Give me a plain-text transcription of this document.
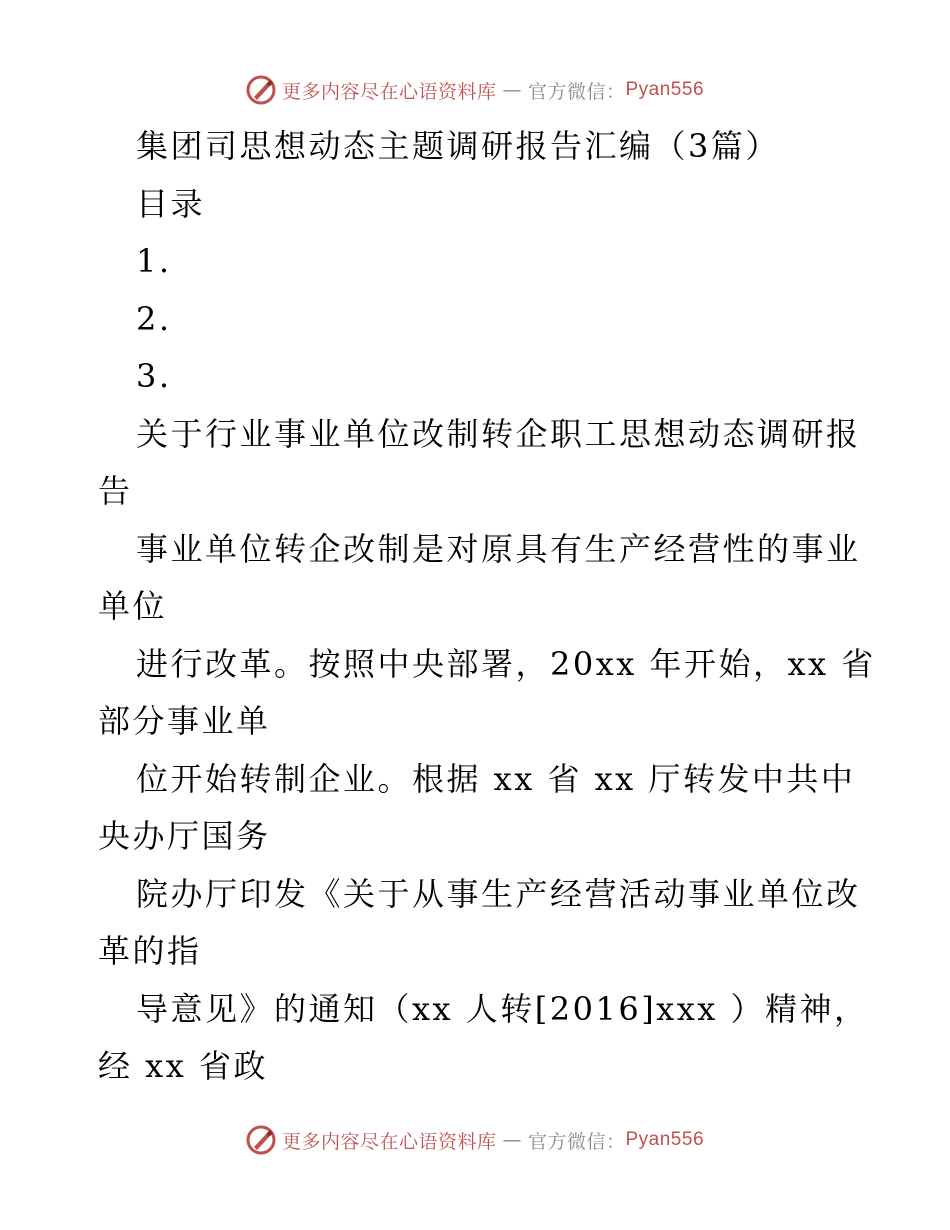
更多内容尽在心语资料库 — 官方微信： Pyan556
集团司思想动态主题调研报告汇编（3篇）
目录
1.
2.
3.
关于行业事业单位改制转企职工思想动态调研报
告
事业单位转企改制是对原具有生产经营性的事业
单位
进行改革。按照中央部署，20xx 年开始，xx 省
部分事业单
位开始转制企业。根据 xx 省 xx 厅转发中共中
央办厅国务
院办厅印发《关于从事生产经营活动事业单位改
革的指
导意见》的通知（xx 人转[2016]xxx ）精神，
经 xx 省政
更多内容尽在心语资料库 — 官方微信： Pyan556
